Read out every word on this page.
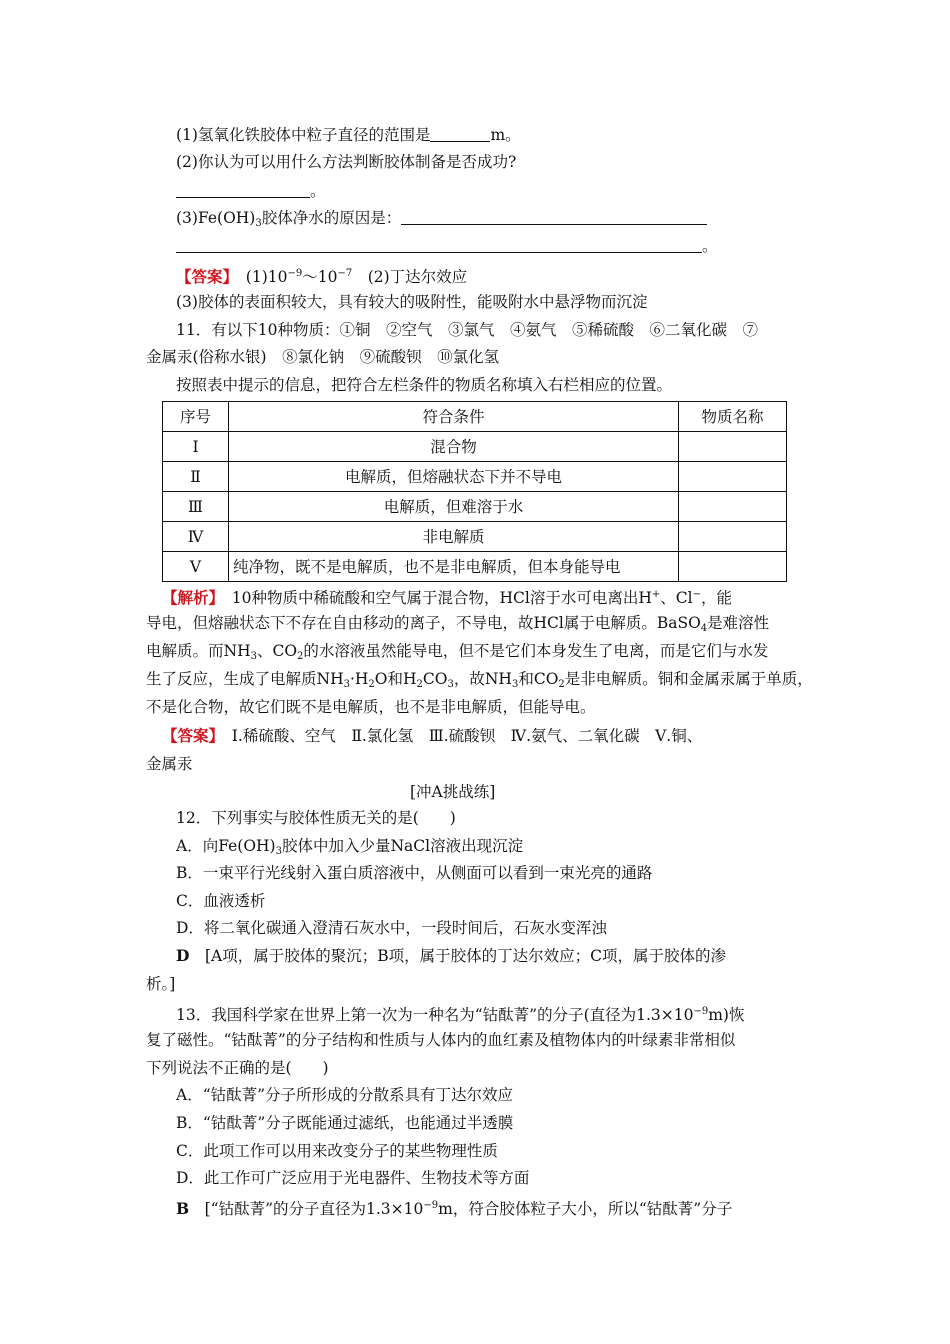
(1)氢氧化铁胶体中粒子直径的范围是	m。
(2)你认为可以用什么方法判断胶体制备是否成功?
。
$(3)Fe(OH)_3$胶体净水的原因是：
。
【答案】　 $(1)10^{-9}\sim 10^{-7}$　 (2)丁达尔效应
(3)胶体的表面积较大，具有较大的吸附性，能吸附水中悬浮物而沉淀
11．有以下10种物质：①铜　②空气　③氯气　④氨气　⑤稀硫酸　⑥二氧化碳　⑦
金属汞(俗称水银)　⑧氯化钠　⑨硫酸钡　⑩氯化氢
按照表中提示的信息，把符合左栏条件的物质名称填入右栏相应的位置。
序号	符合条件	物质名称
Ⅰ	混合物	
Ⅱ	电解质，但熔融状态下并不导电	
Ⅲ	电解质，但难溶于水	
Ⅳ	非电解质	
Ⅴ	纯净物，既不是电解质，也不是非电解质，但本身能导电	
【解析】　 10种物质中稀硫酸和空气属于混合物，HCl溶于水可电离出H+、Cl−，能
导电，但熔融状态下不存在自由移动的离子，不导电，故HCl属于电解质。BaSO$_4$是难溶性
电解质。而$NH_3$、$CO_2$的水溶液虽然能导电，但不是它们本身发生了电离，而是它们与水发
生了反应，生成了电解质$NH_3\cdot H_2O$和$H_2CO_3$，故$NH_3$和$CO_2$是非电解质。铜和金属汞属于单质，
不是化合物，故它们既不是电解质，也不是非电解质，但能导电。
【答案】　 Ⅰ.稀硫酸、空气　Ⅱ.氯化氢　Ⅲ.硫酸钡　Ⅳ.氨气、二氧化碳　Ⅴ.铜、
金属汞
[冲A挑战练]
12．下列事实与胶体性质无关的是(　　)
A．向$Fe(OH)_3$胶体中加入少量NaCl溶液出现沉淀
B．一束平行光线射入蛋白质溶液中，从侧面可以看到一束光亮的通路
C．血液透析
D．将二氧化碳通入澄清石灰水中，一段时间后，石灰水变浑浊
D　 [A项，属于胶体的聚沉；B项，属于胶体的丁达尔效应；C项，属于胶体的渗
析。]
13．我国科学家在世界上第一次为一种名为“钴酞菁”的分子(直径为$1.3\times 10^{-9}m$)恢
复了磁性。“钴酞菁”的分子结构和性质与人体内的血红素及植物体内的叶绿素非常相似
下列说法不正确的是(　　)
A．“钴酞菁”分子所形成的分散系具有丁达尔效应
B．“钴酞菁”分子既能通过滤纸，也能通过半透膜
C．此项工作可以用来改变分子的某些物理性质
D．此工作可广泛应用于光电器件、生物技术等方面
B　 [“钴酞菁”的分子直径为$1.3\times 10^{-9}m$，符合胶体粒子大小，所以“钴酞菁”分子
